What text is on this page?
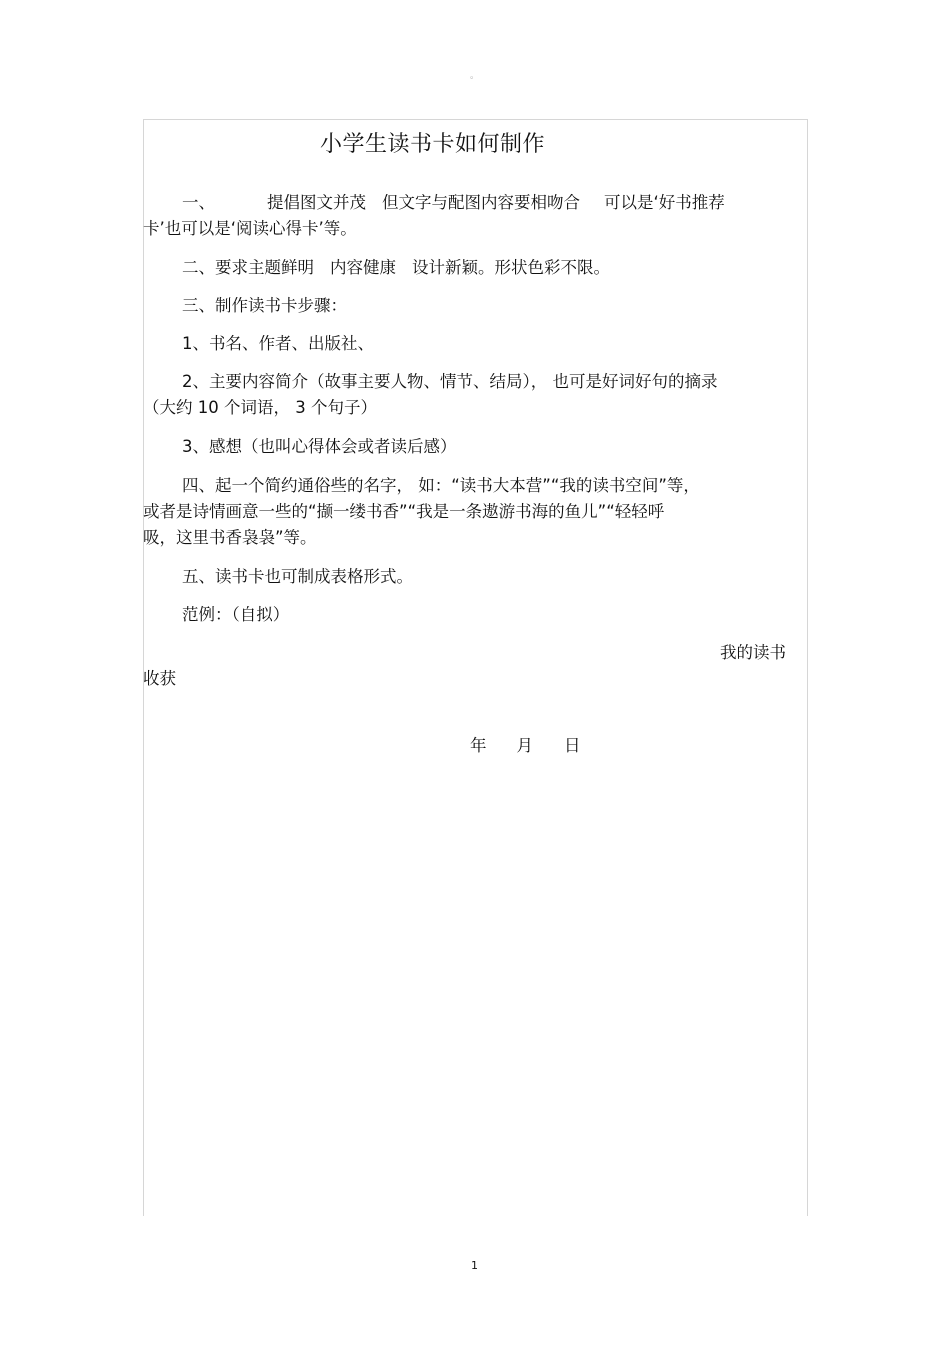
。
小学生读书卡如何制作
一、	提倡图文并茂 但文字与配图内容要相吻合 可以是‘好书推荐
卡’也可以是‘阅读心得卡’等。
二、要求主题鲜明 内容健康 设计新颖。形状色彩不限。
三、制作读书卡步骤：
1、书名、作者、出版社、
2、主要内容简介（故事主要人物、情节、结局）， 也可是好词好句的摘录
（大约 10 个词语， 3 个句子）
3、感想（也叫心得体会或者读后感）
四、起一个简约通俗些的名字， 如：“读书大本营”“我的读书空间”等，
或者是诗情画意一些的“撷一缕书香”“我是一条遨游书海的鱼儿”“轻轻呼
吸，这里书香袅袅”等。
五、读书卡也可制成表格形式。
范例：（自拟）
我的读书
收获
年 月 日
1
